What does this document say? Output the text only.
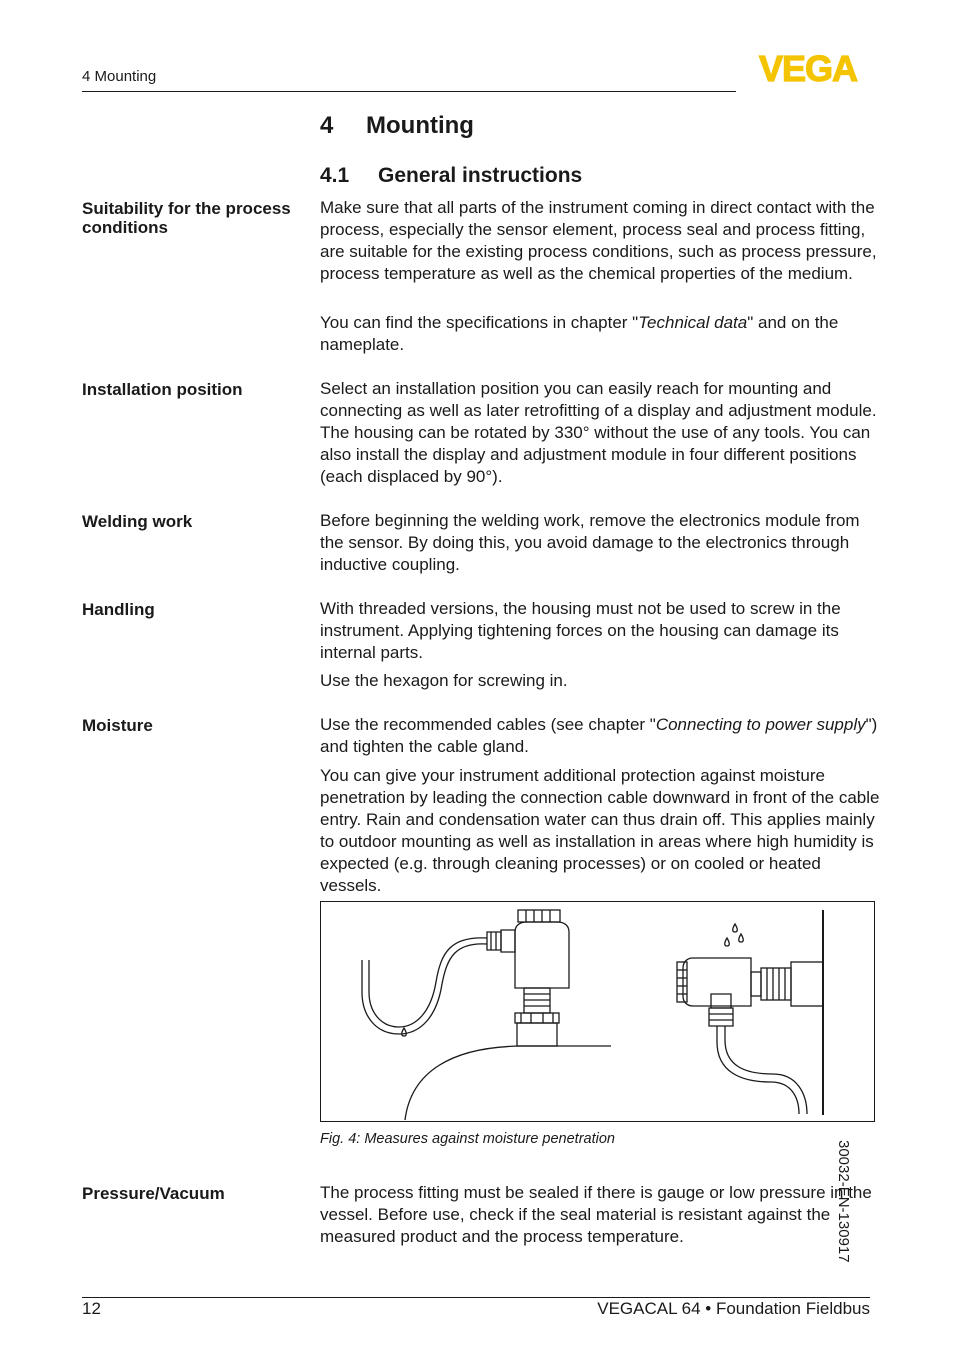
4 Mounting	VEGA
4 Mounting
4.1 General instructions
Suitability for the process conditions

Make sure that all parts of the instrument coming in direct contact with the process, especially the sensor element, process seal and process fitting, are suitable for the existing process conditions, such as process pressure, process temperature as well as the chemical properties of the medium.

You can find the specifications in chapter "Technical data" and on the nameplate.

Installation position	Select an installation position you can easily reach for mounting and connecting as well as later retrofitting of a display and adjustment module. The housing can be rotated by 330° without the use of any tools. You can also install the display and adjustment module in four different positions (each displaced by 90°).

Welding work	Before beginning the welding work, remove the electronics module from the sensor. By doing this, you avoid damage to the electronics through inductive coupling.

Handling	With threaded versions, the housing must not be used to screw in the instrument. Applying tightening forces on the housing can damage its internal parts.

Use the hexagon for screwing in.

Moisture	Use the recommended cables (see chapter "Connecting to power supply") and tighten the cable gland.

You can give your instrument additional protection against moisture penetration by leading the connection cable downward in front of the cable entry. Rain and condensation water can thus drain off. This applies mainly to outdoor mounting as well as installation in areas where high humidity is expected (e.g. through cleaning processes) or on cooled or heated vessels.

Fig. 4: Measures against moisture penetration
Pressure/Vacuum	The process fitting must be sealed if there is gauge or low pressure in the vessel. Before use, check if the seal material is resistant against the measured product and the process temperature.	30032-EN-130917
12	VEGACAL 64 • Foundation Fieldbus
